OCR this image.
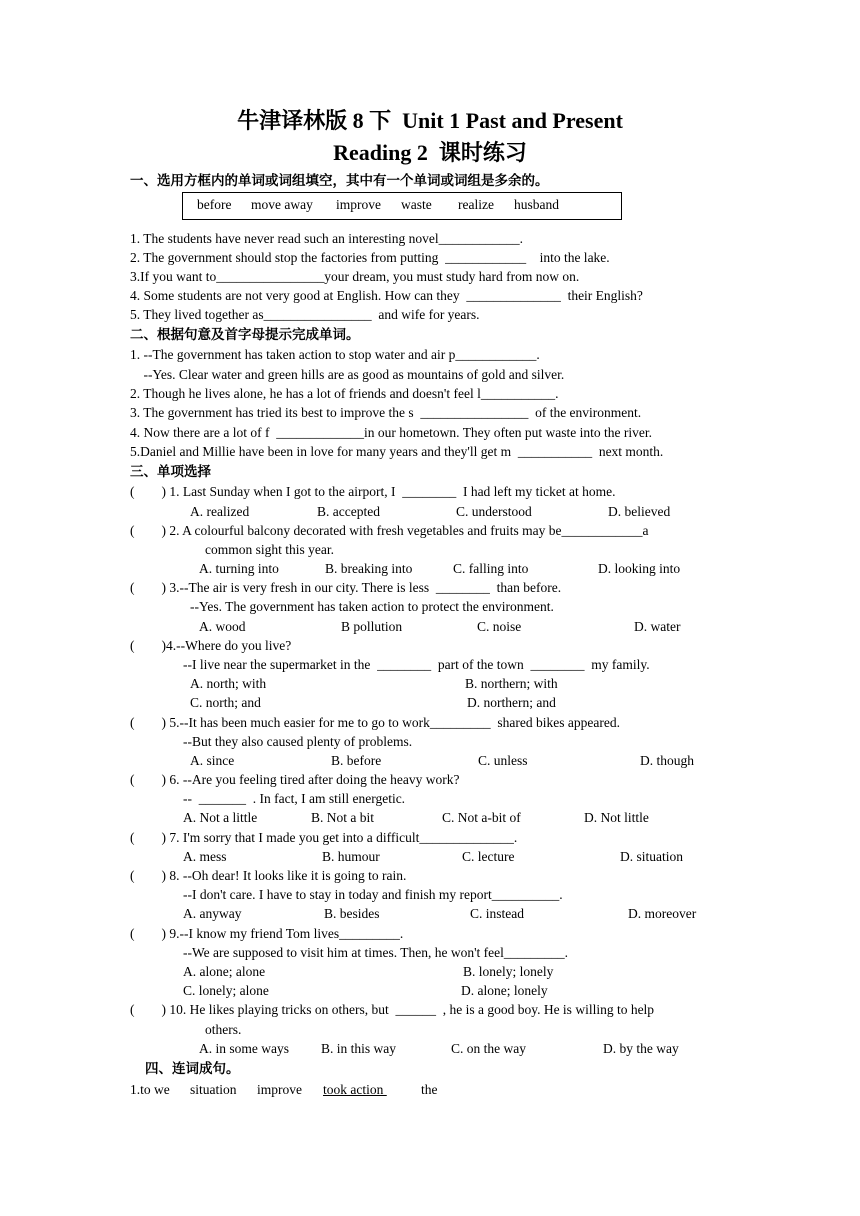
牛津译林版 8 下  Unit 1 Past and Present
Reading 2  课时练习
一、选用方框内的单词或词组填空，其中有一个单词或词组是多余的。
before move away improve waste realize husband
1. The students have never read such an interesting novel____________.
2. The government should stop the factories from putting  ____________    into the lake.
3.If you want to________________your dream, you must study hard from now on.
4. Some students are not very good at English. How can they  ______________  their English?
5. They lived together as________________  and wife for years.
二、根据句意及首字母提示完成单词。
1. --The government has taken action to stop water and air p____________.
--Yes. Clear water and green hills are as good as mountains of gold and silver.
2. Though he lives alone, he has a lot of friends and doesn't feel l___________.
3. The government has tried its best to improve the s  ________________  of the environment.
4. Now there are a lot of f  _____________in our hometown. They often put waste into the river.
5.Daniel and Millie have been in love for many years and they'll get m  ___________  next month.
三、单项选择
(        ) 1. Last Sunday when I got to the airport, I  ________  I had left my ticket at home.
A. realized	B. accepted	C. understood	D. believed
(        ) 2. A colourful balcony decorated with fresh vegetables and fruits may be____________a
common sight this year.
A. turning into	B. breaking into	C. falling into	D. looking into
(        ) 3.--The air is very fresh in our city. There is less  ________  than before.
--Yes. The government has taken action to protect the environment.
A. wood	B pollution	C. noise	D. water
(        )4.--Where do you live?
--I live near the supermarket in the  ________  part of the town  ________  my family.
A. north; with	B. northern; with
C. north; and	D. northern; and
(        ) 5.--It has been much easier for me to go to work_________  shared bikes appeared.
--But they also caused plenty of problems.
A. since	B. before	C. unless	D. though
(        ) 6. --Are you feeling tired after doing the heavy work?
--  _______  . In fact, I am still energetic.
A. Not a little	B. Not a bit	C. Not a-bit of	D. Not little
(        ) 7. I'm sorry that I made you get into a difficult______________.
A. mess	B. humour	C. lecture	D. situation
(        ) 8. --Oh dear! It looks like it is going to rain.
--I don't care. I have to stay in today and finish my report__________.
A. anyway	B. besides	C. instead	D. moreover
(        ) 9.--I know my friend Tom lives_________.
--We are supposed to visit him at times. Then, he won't feel_________.
A. alone; alone	B. lonely; lonely
C. lonely; alone	D. alone; lonely
(        ) 10. He likes playing tricks on others, but  ______  , he is a good boy. He is willing to help
others.
A. in some ways B. in this way	C. on the way	D. by the way
四、连词成句。
1.to we situation improve took action	the
